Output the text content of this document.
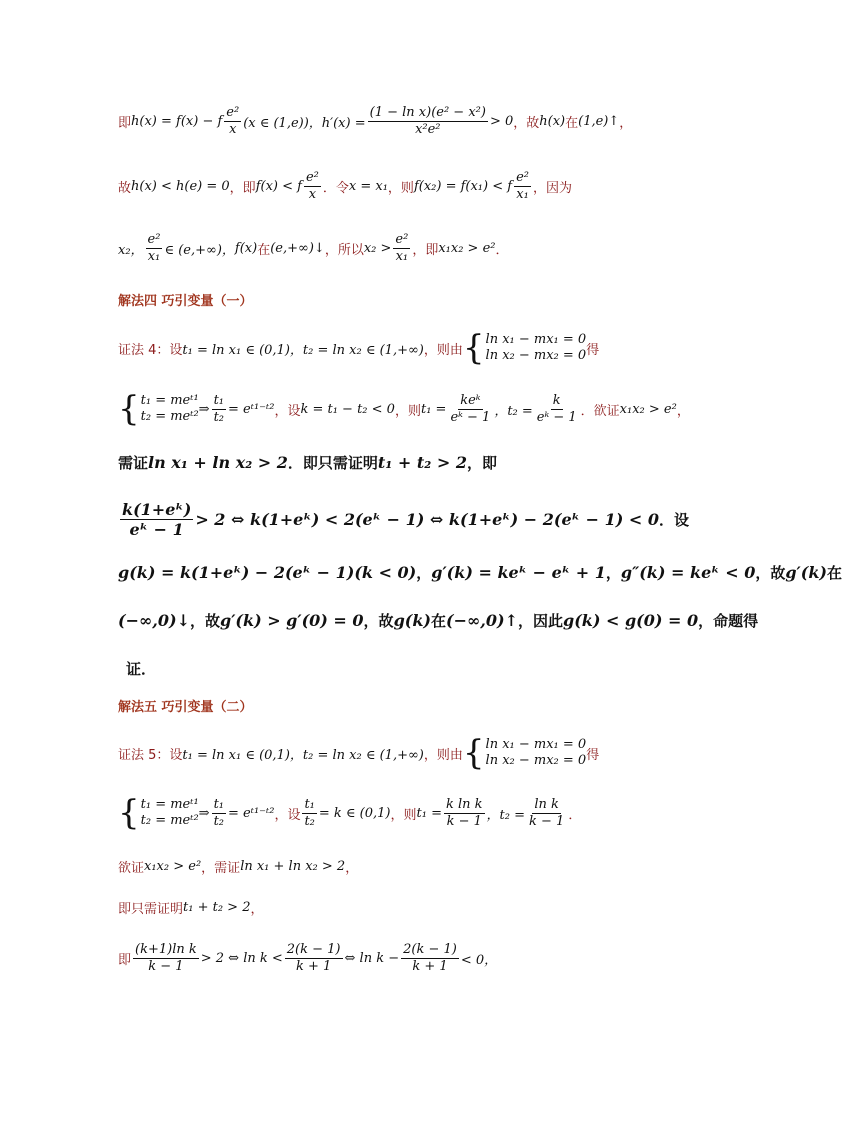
即 h(x) = f(x) − f $\frac{\text{e²}}{x} (x$ ∈ (1,e))，$h'(x) = \frac{\text{(1 − ln x)(e² − x²)}}{\text{x²e²}} > 0$ ，故 h(x) 在 (1,e)↑ ，
故 h(x) < h(e) = 0 ，即 f(x) < f $\frac{\text{e²}}{x}$ ．令 x = x₁ ，则 f(x₂) = f(x₁) < f $\frac{\text{e²}}{\text{x₁}}$ ，因为
x₂， $\frac{\text{e²}}{\text{x₁}}$ ∈ (e,+∞)， f(x) 在 (e,+∞)↓ ，所以 $x_2 > \frac{\text{e²}}{\text{x₁}}$ ，即 x₁x₂ > e² ．
解法四 巧引变量（一）
证法 4：设 t₁ = ln x₁ ∈ (0,1)，t₂ = ln x₂ ∈ (1,+∞) ，则由 { ln x₁ − mx₁ = 0
ln x₂ − mx₂ = 0 得
{ t₁ = meᵗ¹
t₂ = meᵗ² ⇒ $\frac{\text{t₁}}{\text{t₂}}$ = eᵗ¹⁻ᵗ² ，设 k = t₁ − t₂ < 0 ，则 $t_1 = \frac{\text{keᵏ}}{\text{eᵏ − 1}}$ ，$t_2 = \frac{k}{\text{eᵏ − 1}}$ ．欲证 x₁x₂ > e² ，
需证 ln x₁ + ln x₂ > 2 ．即只需证明 t₁ + t₂ > 2 ，即
$\frac{\text{k(1+eᵏ)}}{\text{eᵏ − 1}} > 2$ ⇔ k(1+eᵏ) < 2(eᵏ − 1) ⇔ k(1+eᵏ) − 2(eᵏ − 1) < 0 ．设
g(k) = k(1+eᵏ) − 2(eᵏ − 1)(k < 0) ， g′(k) = keᵏ − eᵏ + 1 ， g″(k) = keᵏ < 0 ，故 g′(k) 在
(−∞,0)↓ ，故 g′(k) > g′(0) = 0 ，故 g(k) 在 (−∞,0)↑ ，因此 g(k) < g(0) = 0 ，命题得
证．
解法五 巧引变量（二）
证法 5：设 t₁ = ln x₁ ∈ (0,1)，t₂ = ln x₂ ∈ (1,+∞) ，则由 { ln x₁ − mx₁ = 0
ln x₂ − mx₂ = 0 得
{ t₁ = meᵗ¹
t₂ = meᵗ² ⇒ $\frac{\text{t₁}}{\text{t₂}}$ = eᵗ¹⁻ᵗ² ，设 $\frac{\text{t₁}}{\text{t₂}} = k$ ∈ (0,1) ，则 $t_1 = \frac{\text{k ln k}}{k - 1}$ ，$t_2 = \frac{\text{ln k}}{k - 1}$ ．
欲证 x₁x₂ > e² ，需证 ln x₁ + ln x₂ > 2 ，
即只需证明 t₁ + t₂ > 2 ，
即 $\frac{\text{(k+1)ln k}}{k - 1} > 2$ ⇔ $\ln k < \frac{2(k - 1)}{k + 1}$ ⇔ $\ln k - \frac{2(k - 1)}{k + 1} < 0$，
